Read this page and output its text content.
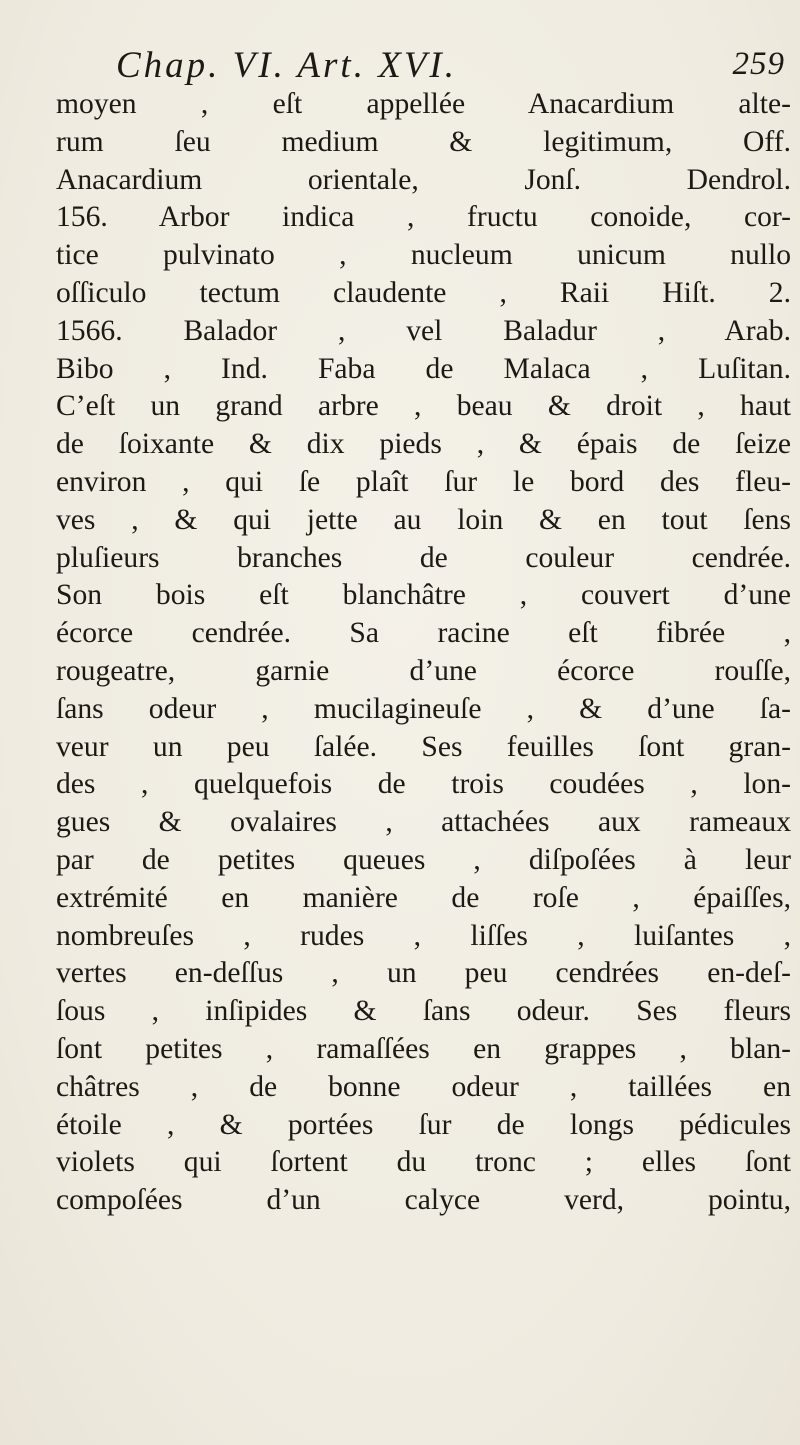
Chap. VI. Art. XVI.	259
moyen , eſt appellée Anacardium alte-
rum ſeu medium & legitimum, Off.
Anacardium orientale, Jonſ. Dendrol.
156. Arbor indica , fructu conoide, cor-
tice pulvinato , nucleum unicum nullo
oſſiculo tectum claudente , Raii Hiſt. 2.
1566. Balador , vel Baladur , Arab.
Bibo , Ind. Faba de Malaca , Luſitan.
C’eſt un grand arbre , beau & droit , haut
de ſoixante & dix pieds , & épais de ſeize
environ , qui ſe plaît ſur le bord des fleu-
ves , & qui jette au loin & en tout ſens
pluſieurs branches de couleur cendrée.
Son bois eſt blanchâtre , couvert d’une
écorce cendrée. Sa racine eſt fibrée ,
rougeatre, garnie d’une écorce rouſſe,
ſans odeur , mucilagineuſe , & d’une ſa-
veur un peu ſalée. Ses feuilles ſont gran-
des , quelquefois de trois coudées , lon-
gues & ovalaires , attachées aux rameaux
par de petites queues , diſpoſées à leur
extrémité en manière de roſe , épaiſſes,
nombreuſes , rudes , liſſes , luiſantes ,
vertes en-deſſus , un peu cendrées en-deſ-
ſous , inſipides & ſans odeur. Ses fleurs
ſont petites , ramaſſées en grappes , blan-
châtres , de bonne odeur , taillées en
étoile , & portées ſur de longs pédicules
violets qui ſortent du tronc ; elles ſont
compoſées d’un calyce verd, pointu,
